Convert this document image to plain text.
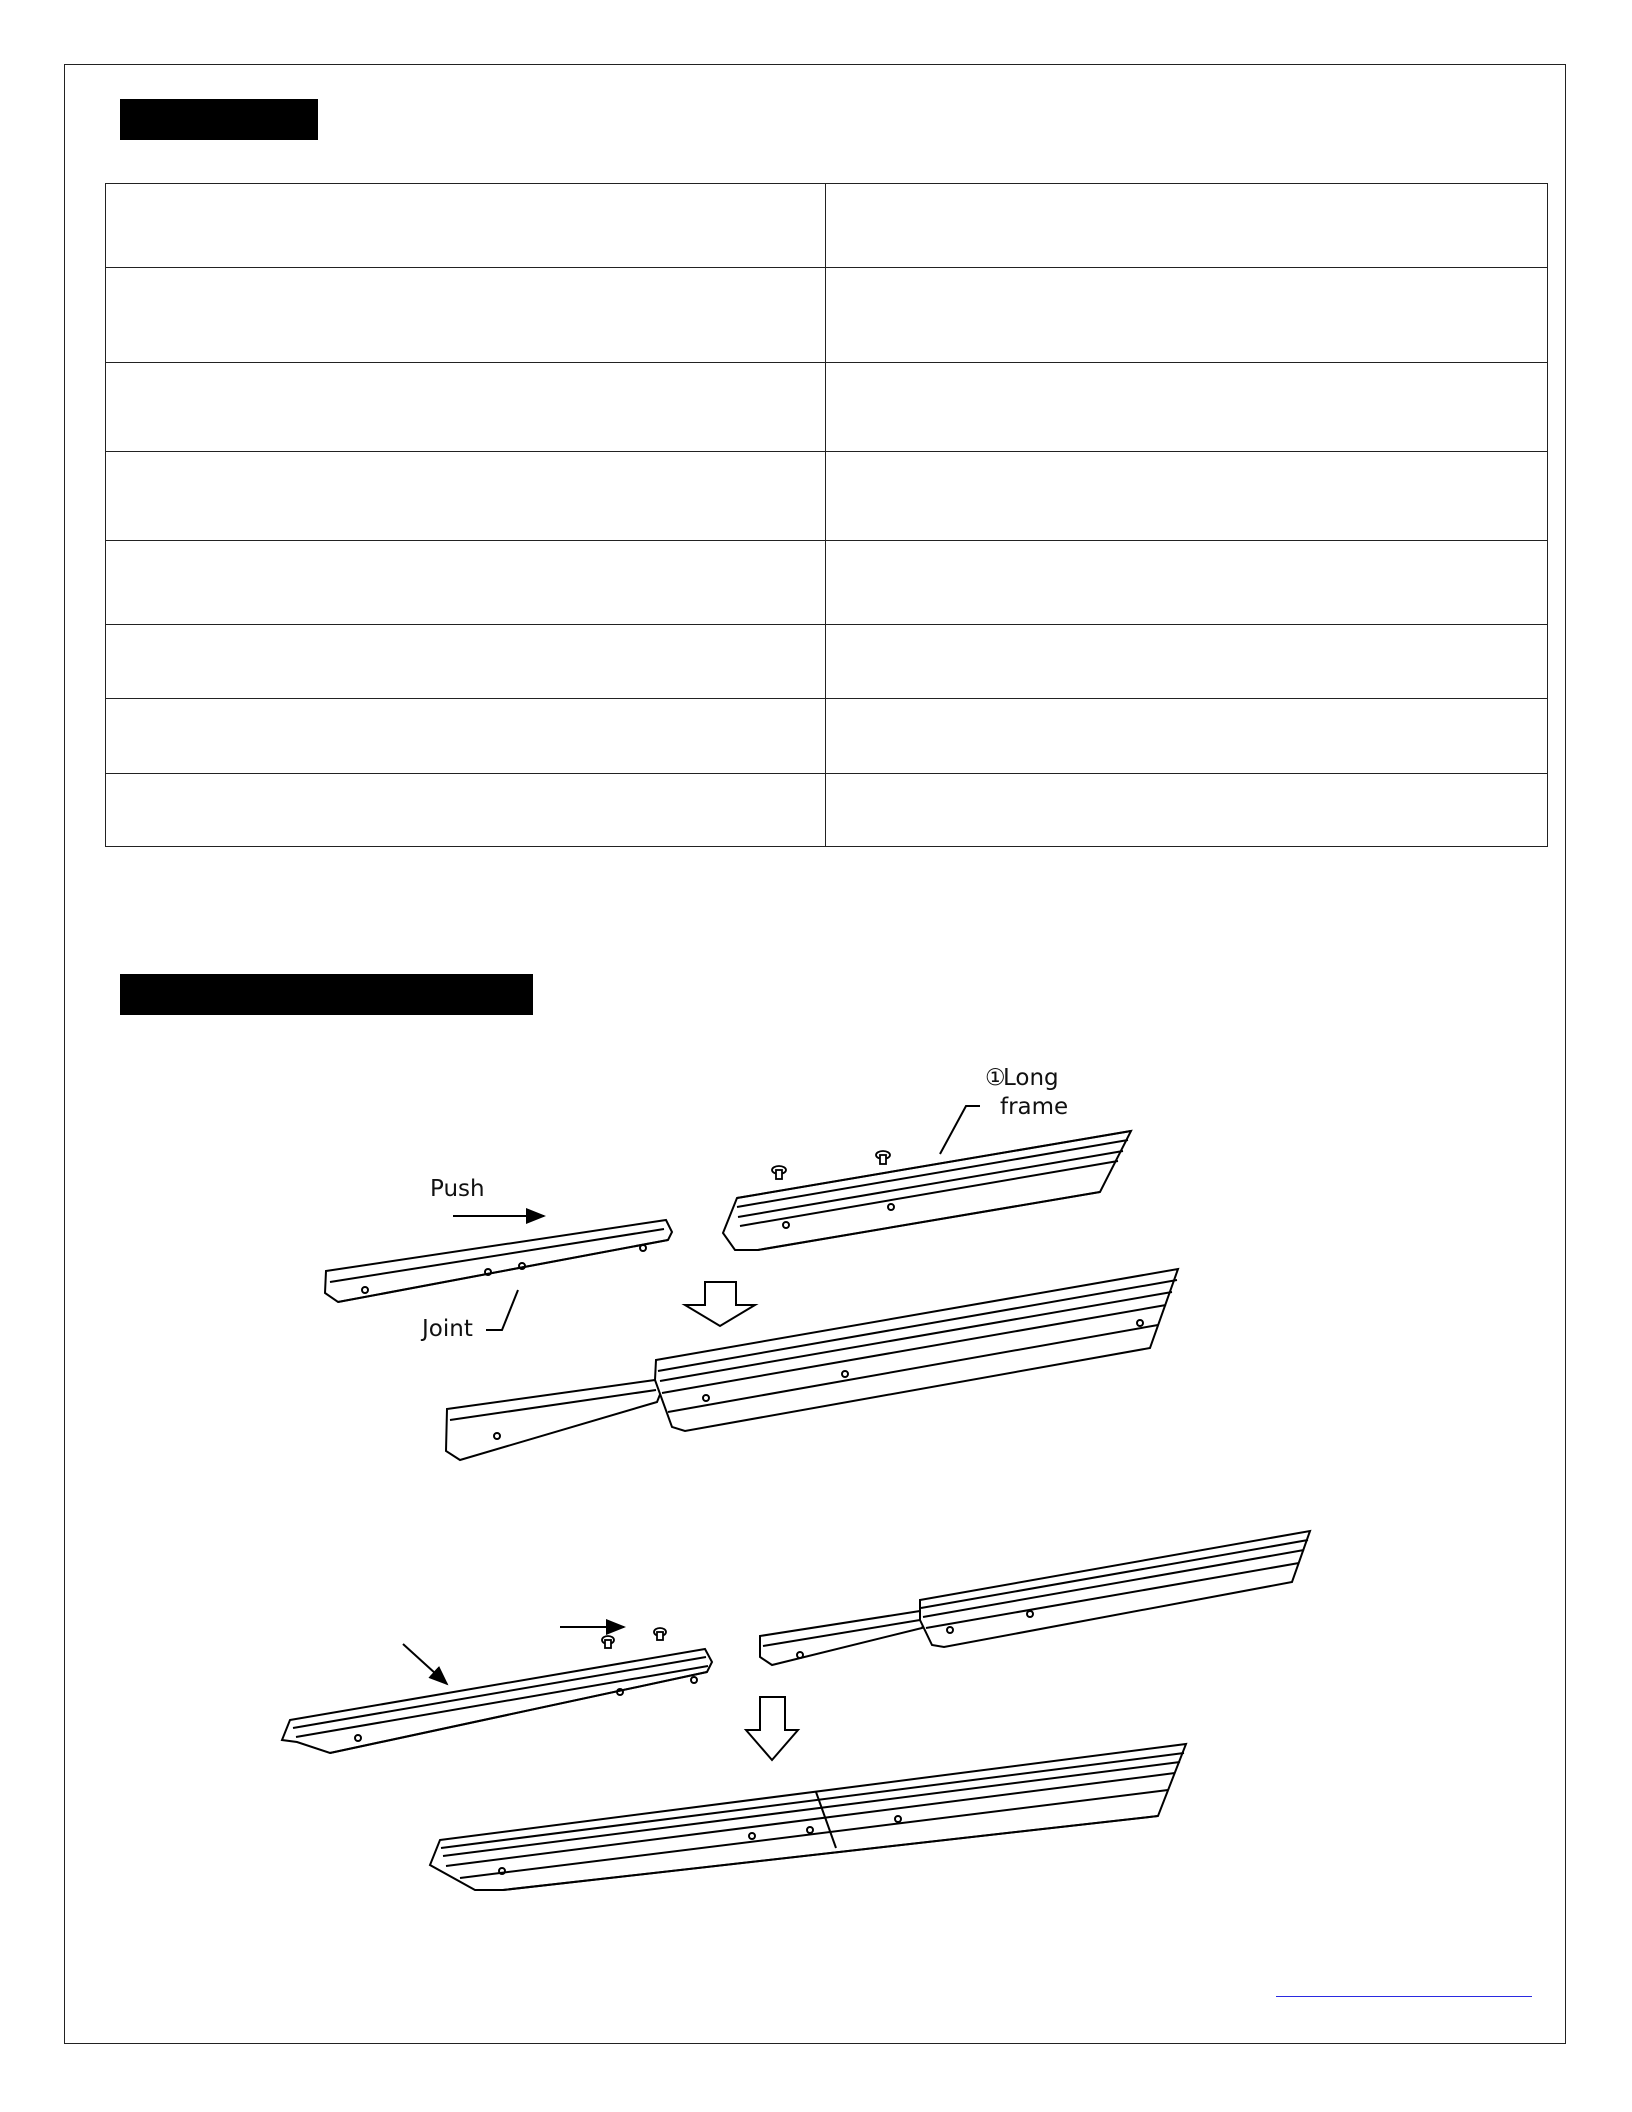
①
Long
frame
Push
Joint
